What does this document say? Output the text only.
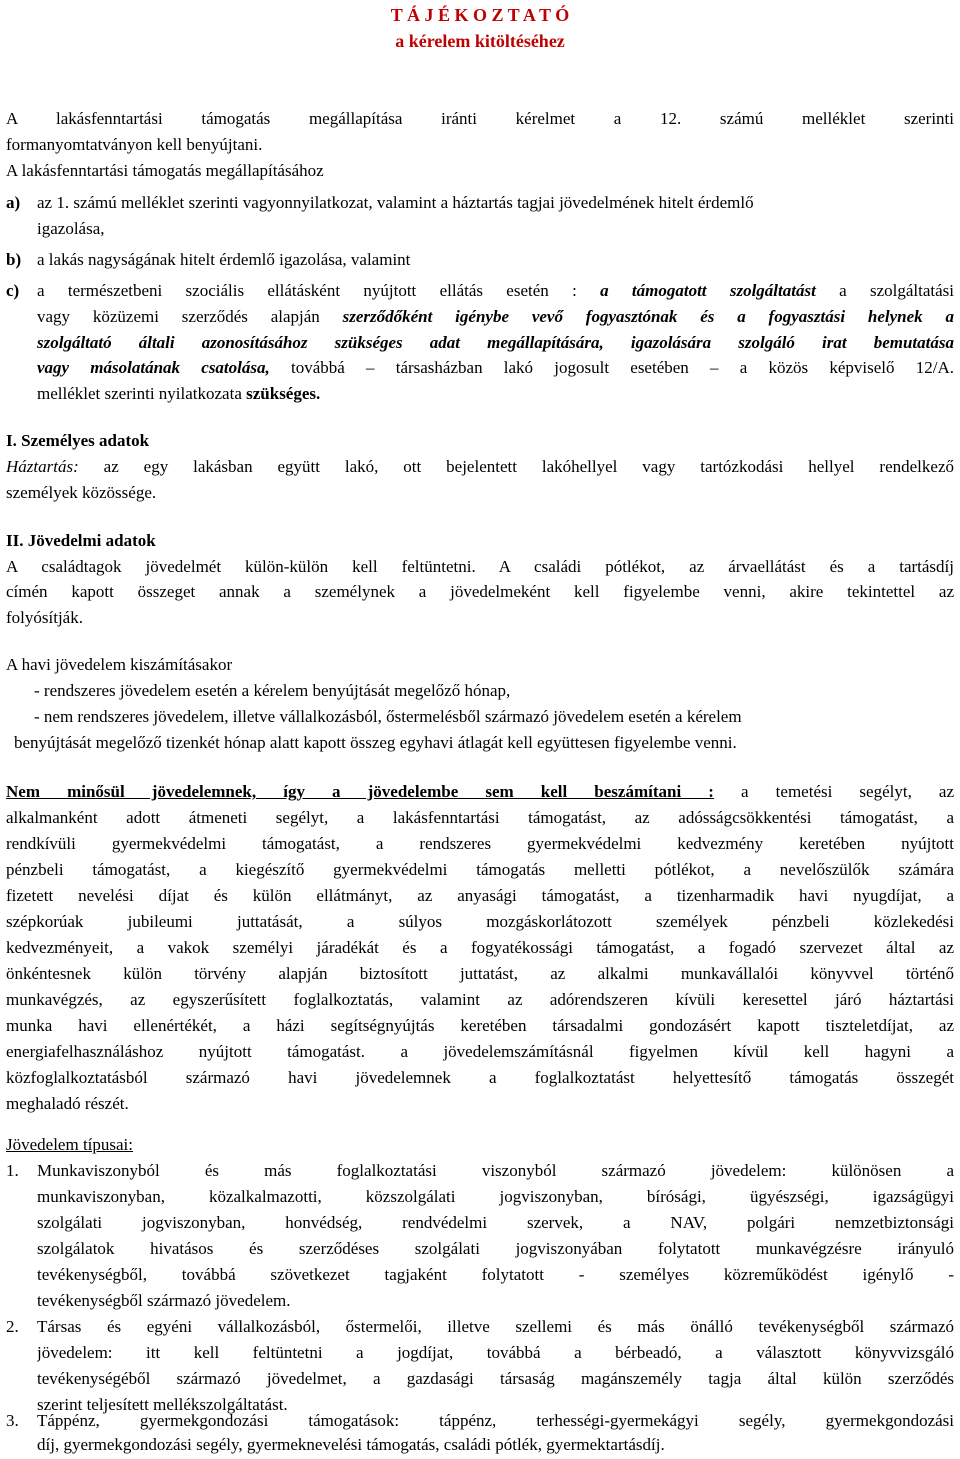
T Á J É K O Z T A T Ó
a kérelem kitöltéséhez
A lakásfenntartási támogatás megállapítása iránti kérelmet a 12. számú melléklet szerinti
formanyomtatványon kell benyújtani.
A lakásfenntartási támogatás megállapításához
a) az 1. számú melléklet szerinti vagyonnyilatkozat, valamint a háztartás tagjai jövedelmének hitelt érdemlő
igazolása,
b) a lakás nagyságának hitelt érdemlő igazolása, valamint
c) a természetbeni szociális ellátásként nyújtott ellátás esetén : a támogatott szolgáltatást a szolgáltatási
vagy közüzemi szerződés alapján szerződőként igénybe vevő fogyasztónak és a fogyasztási helynek a
szolgáltató általi azonosításához szükséges adat megállapítására, igazolására szolgáló irat bemutatása
vagy másolatának csatolása, továbbá – társasházban lakó jogosult esetében – a közös képviselő 12/A.
melléklet szerinti nyilatkozata szükséges.
I. Személyes adatok
Háztartás: az egy lakásban együtt lakó, ott bejelentett lakóhellyel vagy tartózkodási hellyel rendelkező
személyek közössége.
II. Jövedelmi adatok
A családtagok jövedelmét külön-külön kell feltüntetni. A családi pótlékot, az árvaellátást és a tartásdíj
címén kapott összeget annak a személynek a jövedelmeként kell figyelembe venni, akire tekintettel az
folyósítják.
A havi jövedelem kiszámításakor
- rendszeres jövedelem esetén a kérelem benyújtását megelőző hónap,
- nem rendszeres jövedelem, illetve vállalkozásból, őstermelésből származó jövedelem esetén a kérelem
benyújtását megelőző tizenkét hónap alatt kapott összeg egyhavi átlagát kell együttesen figyelembe venni.
Nem minősül jövedelemnek, így a jövedelembe sem kell beszámítani : a temetési segélyt, az
alkalmanként adott átmeneti segélyt, a lakásfenntartási támogatást, az adósságcsökkentési támogatást, a
rendkívüli gyermekvédelmi támogatást, a rendszeres gyermekvédelmi kedvezmény keretében nyújtott
pénzbeli támogatást, a kiegészítő gyermekvédelmi támogatás melletti pótlékot, a nevelőszülők számára
fizetett nevelési díjat és külön ellátmányt, az anyasági támogatást, a tizenharmadik havi nyugdíjat, a
szépkorúak jubileumi juttatását, a súlyos mozgáskorlátozott személyek pénzbeli közlekedési
kedvezményeit, a vakok személyi járadékát és a fogyatékossági támogatást, a fogadó szervezet által az
önkéntesnek külön törvény alapján biztosított juttatást, az alkalmi munkavállalói könyvvel történő
munkavégzés, az egyszerűsített foglalkoztatás, valamint az adórendszeren kívüli keresettel járó háztartási
munka havi ellenértékét, a házi segítségnyújtás keretében társadalmi gondozásért kapott tiszteletdíjat, az
energiafelhasználáshoz nyújtott támogatást. a jövedelemszámításnál figyelmen kívül kell hagyni a
közfoglalkoztatásból származó havi jövedelemnek a foglalkoztatást helyettesítő támogatás összegét
meghaladó részét.
Jövedelem típusai:
1. Munkaviszonyból és más foglalkoztatási viszonyból származó jövedelem: különösen a
munkaviszonyban, közalkalmazotti, közszolgálati jogviszonyban, bírósági, ügyészségi, igazságügyi
szolgálati jogviszonyban, honvédség, rendvédelmi szervek, a NAV, polgári nemzetbiztonsági
szolgálatok hivatásos és szerződéses szolgálati jogviszonyában folytatott munkavégzésre irányuló
tevékenységből, továbbá szövetkezet tagjaként folytatott - személyes közreműködést igénylő -
tevékenységből származó jövedelem.
2. Társas és egyéni vállalkozásból, őstermelői, illetve szellemi és más önálló tevékenységből származó
jövedelem: itt kell feltüntetni a jogdíjat, továbbá a bérbeadó, a választott könyvvizsgáló
tevékenységéből származó jövedelmet, a gazdasági társaság magánszemély tagja által külön szerződés
szerint teljesített mellékszolgáltatást.
3. Táppénz, gyermekgondozási támogatások: táppénz, terhességi-gyermekágyi segély, gyermekgondozási
díj, gyermekgondozási segély, gyermeknevelési támogatás, családi pótlék, gyermektartásdíj.
